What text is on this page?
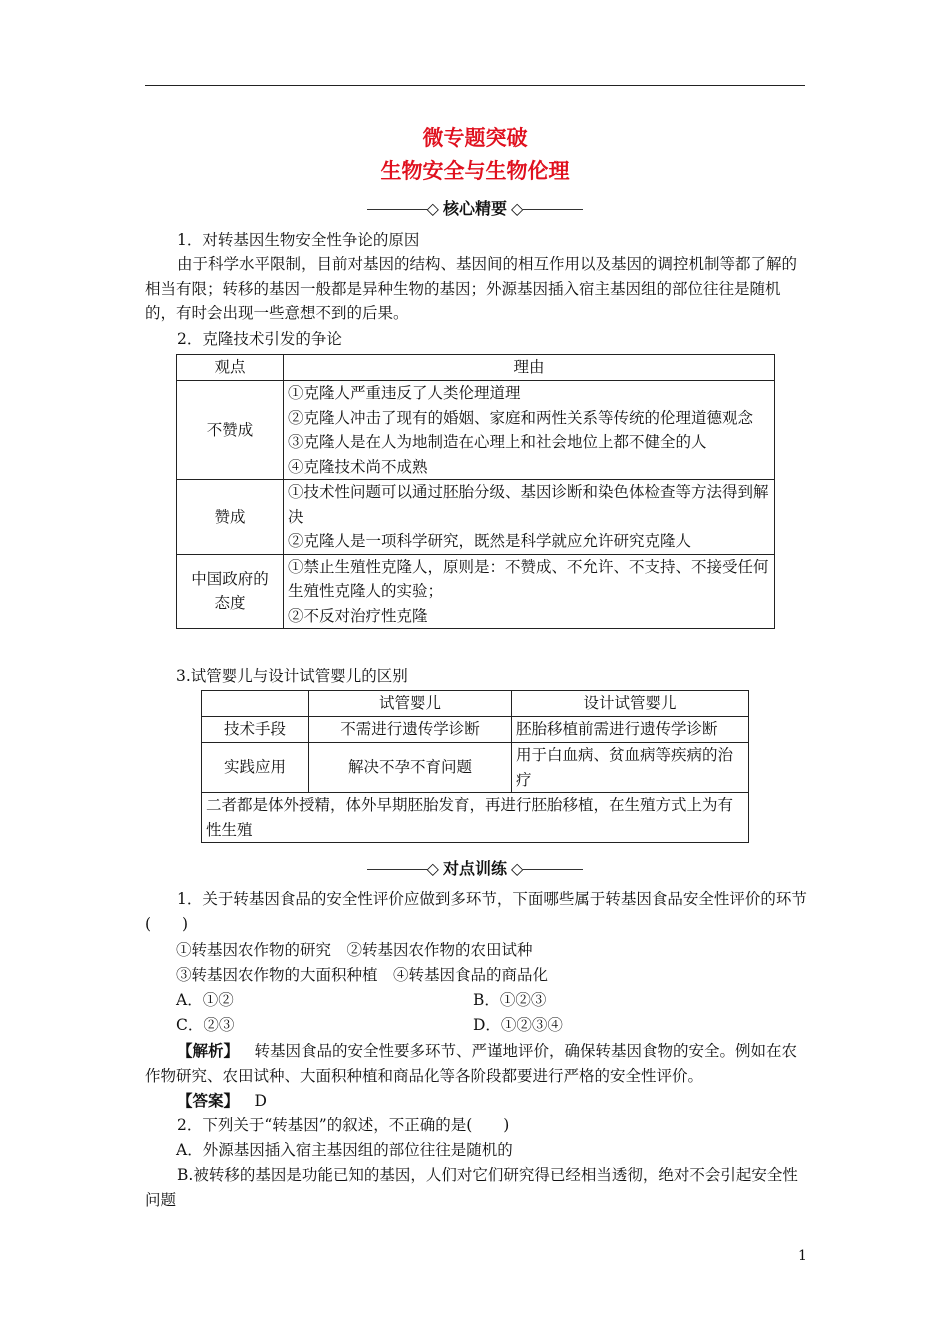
微专题突破
生物安全与生物伦理
◇ 核心精要 ◇
1．对转基因生物安全性争论的原因
由于科学水平限制，目前对基因的结构、基因间的相互作用以及基因的调控机制等都了解的相当有限；转移的基因一般都是异种生物的基因；外源基因插入宿主基因组的部位往往是随机的，有时会出现一些意想不到的后果。
2．克隆技术引发的争论
观点	理由
不赞成	①克隆人严重违反了人类伦理道理
②克隆人冲击了现有的婚姻、家庭和两性关系等传统的伦理道德观念
③克隆人是在人为地制造在心理上和社会地位上都不健全的人
④克隆技术尚不成熟

赞成	①技术性问题可以通过胚胎分级、基因诊断和染色体检查等方法得到解决
②克隆人是一项科学研究，既然是科学就应允许研究克隆人

中国政府的态度	①禁止生殖性克隆人，原则是：不赞成、不允许、不支持、不接受任何生殖性克隆人的实验；
②不反对治疗性克隆
3.试管婴儿与设计试管婴儿的区别
	试管婴儿	设计试管婴儿
技术手段	不需进行遗传学诊断	胚胎移植前需进行遗传学诊断
实践应用	解决不孕不育问题	用于白血病、贫血病等疾病的治疗
二者都是体外授精，体外早期胚胎发育，再进行胚胎移植，在生殖方式上为有性生殖		
◇ 对点训练 ◇
1．关于转基因食品的安全性评价应做到多环节，下面哪些属于转基因食品安全性评价的环节(　　)
①转基因农作物的研究　②转基因农作物的农田试种
③转基因农作物的大面积种植　④转基因食品的商品化
A．①②	B．①②③
C．②③	D．①②③④
【解析】  转基因食品的安全性要多环节、严谨地评价，确保转基因食物的安全。例如在农作物研究、农田试种、大面积种植和商品化等各阶段都要进行严格的安全性评价。
【答案】  D
2．下列关于“转基因”的叙述，不正确的是(　　)
A．外源基因插入宿主基因组的部位往往是随机的
B.被转移的基因是功能已知的基因，人们对它们研究得已经相当透彻，绝对不会引起安全性问题
1
